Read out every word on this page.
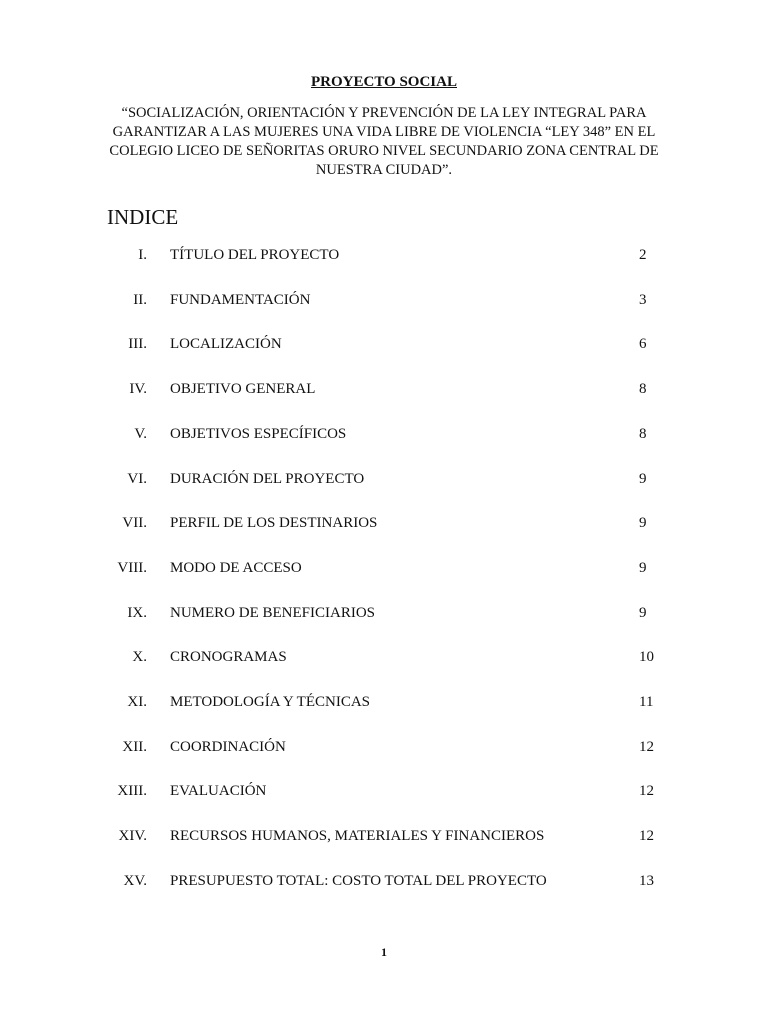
PROYECTO SOCIAL
“SOCIALIZACIÓN, ORIENTACIÓN Y PREVENCIÓN DE LA LEY INTEGRAL PARA
GARANTIZAR A LAS MUJERES UNA VIDA LIBRE DE VIOLENCIA “LEY 348” EN EL
COLEGIO LICEO DE SEÑORITAS ORURO NIVEL SECUNDARIO ZONA CENTRAL DE
NUESTRA CIUDAD”.
INDICE
I. TÍTULO DEL PROYECTO	2
II. FUNDAMENTACIÓN	3
III. LOCALIZACIÓN	6
IV. OBJETIVO GENERAL	8
V. OBJETIVOS ESPECÍFICOS	8
VI. DURACIÓN DEL PROYECTO	9
VII. PERFIL DE LOS DESTINARIOS	9
VIII. MODO DE ACCESO	9
IX. NUMERO DE BENEFICIARIOS	9
X. CRONOGRAMAS	10
XI. METODOLOGÍA Y TÉCNICAS	11
XII. COORDINACIÓN	12
XIII. EVALUACIÓN	12
XIV. RECURSOS HUMANOS, MATERIALES Y FINANCIEROS	12
XV. PRESUPUESTO TOTAL: COSTO TOTAL DEL PROYECTO	13
1
